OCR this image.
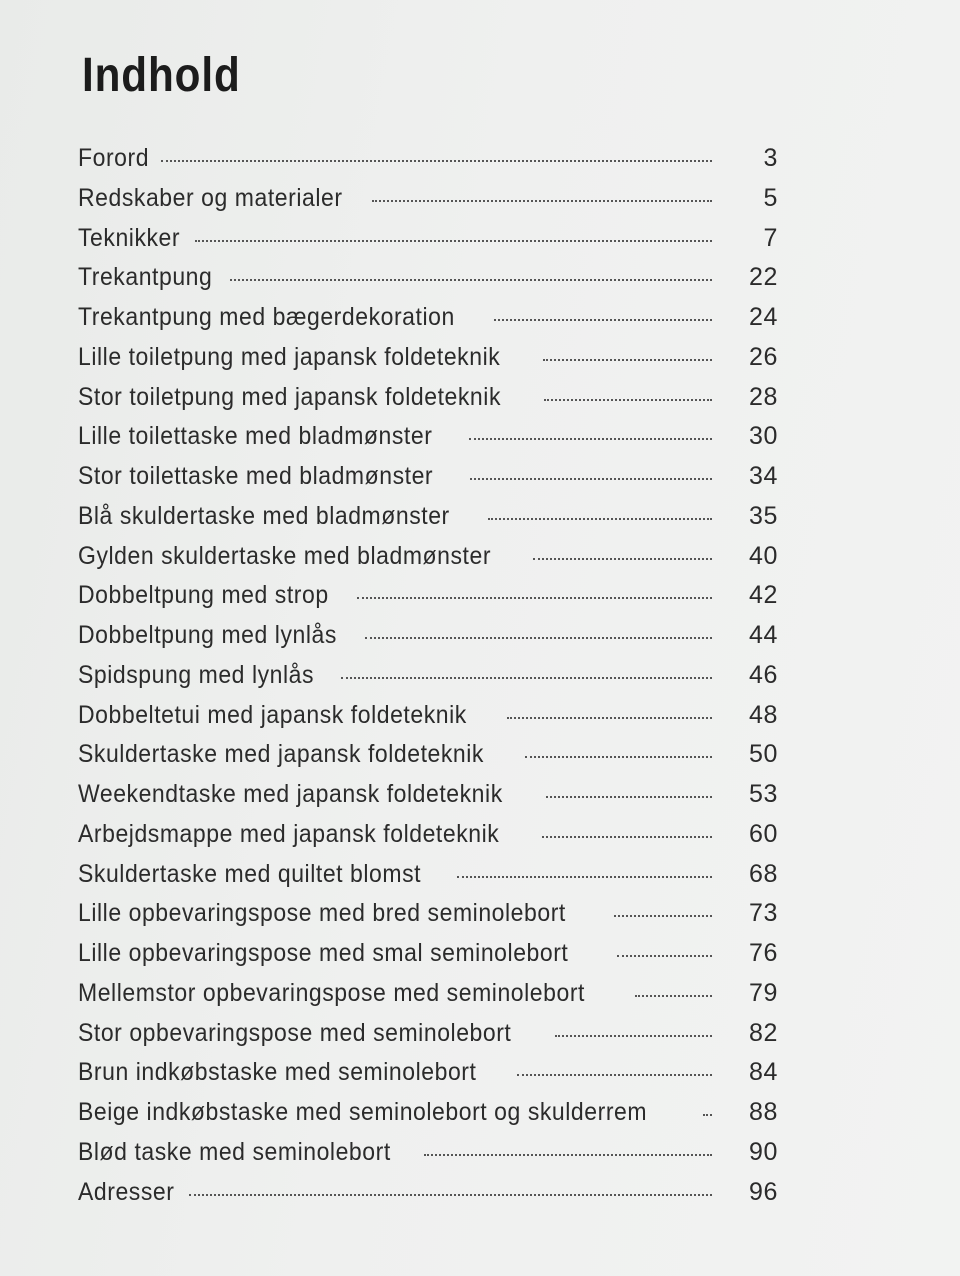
Indhold
Forord	3
Redskaber og materialer	5
Teknikker	7
Trekantpung	22
Trekantpung med bægerdekoration	24
Lille toiletpung med japansk foldeteknik	26
Stor toiletpung med japansk foldeteknik	28
Lille toilettaske med bladmønster	30
Stor toilettaske med bladmønster	34
Blå skuldertaske med bladmønster	35
Gylden skuldertaske med bladmønster	40
Dobbeltpung med strop	42
Dobbeltpung med lynlås	44
Spidspung med lynlås	46
Dobbeltetui med japansk foldeteknik	48
Skuldertaske med japansk foldeteknik	50
Weekendtaske med japansk foldeteknik	53
Arbejdsmappe med japansk foldeteknik	60
Skuldertaske med quiltet blomst	68
Lille opbevaringspose med bred seminolebort	73
Lille opbevaringspose med smal seminolebort	76
Mellemstor opbevaringspose med seminolebort	79
Stor opbevaringspose med seminolebort	82
Brun indkøbstaske med seminolebort	84
Beige indkøbstaske med seminolebort og skulderrem	88
Blød taske med seminolebort	90
Adresser	96
